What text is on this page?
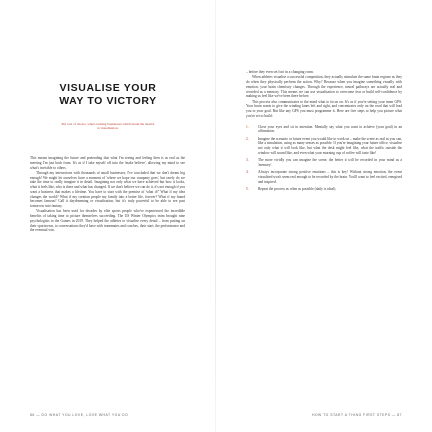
VISUALISE YOUR
WAY TO VICTORY
My tool of choice, when creating businesses which break the mould, is visualisation.

This means imagining the future and pretending that what I'm seeing and feeling then is as real as the meeting I'm just back from. It's as if I take myself off into the 'make believe', allowing my mind to see what's invisible to others.

Through my interactions with thousands of small businesses, I've concluded that we don't dream big enough! We might let ourselves have a moment of 'where we hope our company goes', but rarely do we take the time to really imagine it in detail. Imagining not only what we have achieved but how it looks, what it feels like, who is there and what has changed. If we don't believe we can do it, it's not enough if you want a business that makes a lifetime. You have to start with the premise of 'what if?' What if my idea changes the world? What if my creation people my family into a better life, forever? What if my brand becomes famous? Call it daydreaming or visualisation, but it's truly powerful to be able to see past tomorrow into fantasy.

Visualisation has been used for decades by elite sports people who've experienced the incredible benefits of taking time to picture themselves succeeding. The US Winter Olympics team brought nine psychologists to the Games in 2019. They helped the athletes to visualise every detail – from putting on their sportswear, to conversations they'd have with teammates and coaches, their start, the performance and the eventual win.

86 — DO WHAT YOU LOVE, LOVE WHAT YOU DO

– before they even set foot in a changing room.

When athletes visualise a successful competition, they actually stimulate the same brain regions as they do when they physically perform the action. Why? Because when you imagine something visually with emotion, your brain chemistry changes. Through the experience, neural pathways are actually real and recorded as a memory. This means we can use visualisation to overcome fear or build self-confidence by making us feel like we've been there before.

This process also communicates to the mind what to focus on. It's as if you're setting your inner GPS. Your brain wants to give the winding lanes left and right, and concentrates only on the road that will lead you to your goal. But like any GPS you must programme it. Here are five steps to help you picture what you're set to build:

1.	Close your eyes and sit in intention. Mentally say what you want to achieve (your goal) in an affirmation.
2.	Imagine the scenario or future event you would like to work on – make the scene as real as you can, like a simulation, using as many senses as possible. If you're imagining your future office, visualise not only what it will look like, but what the desk might feel like, what the traffic outside the window will sound like, and even what your morning cup of coffee will taste like!
3.	The more vividly you can imagine the scene, the better it will be recorded in your mind as a 'memory'.
4.	Always incorporate strong positive emotions – this is key! Without strong emotion, the event visualised won't seem real enough to be recorded by the brain. You'll want to feel excited, energised and inspired.
5.	Repeat the process as often as possible (daily is ideal).
HOW TO START A THING FIRST STEPS — 87
